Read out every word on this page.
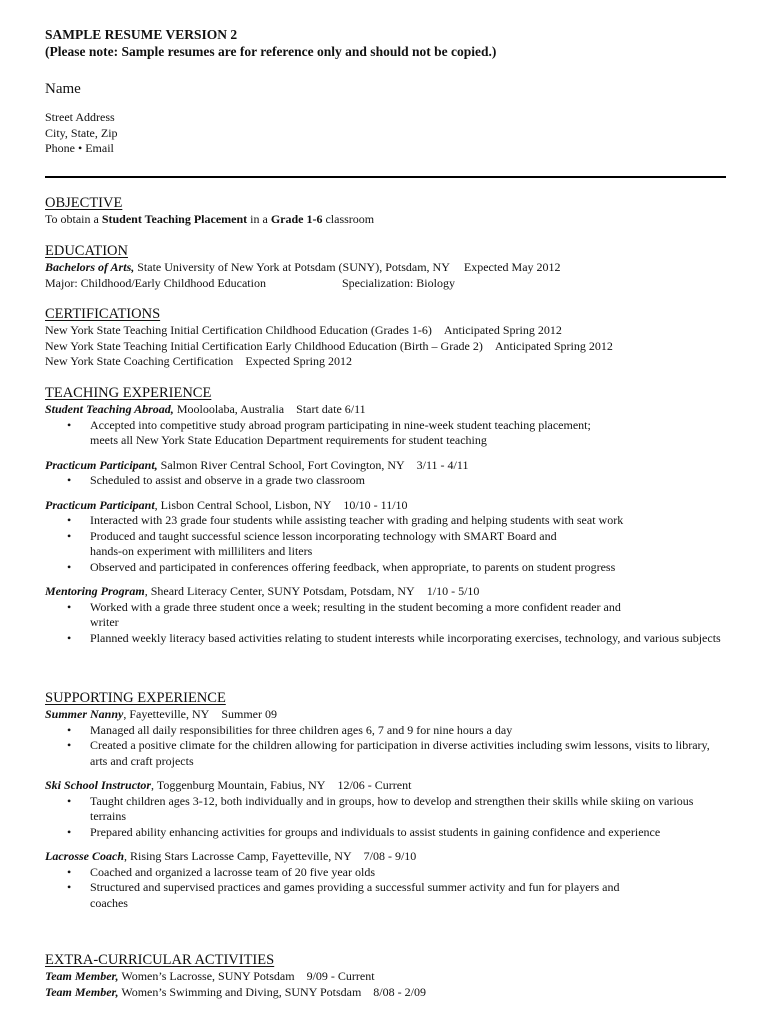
SAMPLE RESUME VERSION 2
(Please note: Sample resumes are for reference only and should not be copied.)
Name
Street Address
City, State, Zip
Phone • Email
OBJECTIVE
To obtain a Student Teaching Placement in a Grade 1-6 classroom
EDUCATION
Bachelors of Arts, State University of New York at Potsdam (SUNY), Potsdam, NY Expected May 2012
Major: Childhood/Early Childhood Education	Specialization: Biology
CERTIFICATIONS
New York State Teaching Initial Certification Childhood Education (Grades 1-6) Anticipated Spring 2012
New York State Teaching Initial Certification Early Childhood Education (Birth – Grade 2) Anticipated Spring 2012
New York State Coaching Certification Expected Spring 2012
TEACHING EXPERIENCE
Student Teaching Abroad, Mooloolaba, Australia Start date 6/11
• Accepted into competitive study abroad program participating in nine-week student teaching placement; meets all New York State Education Department requirements for student teaching
Practicum Participant, Salmon River Central School, Fort Covington, NY 3/11 - 4/11
• Scheduled to assist and observe in a grade two classroom
Practicum Participant, Lisbon Central School, Lisbon, NY 10/10 - 11/10
• Interacted with 23 grade four students while assisting teacher with grading and helping students with seat work
• Produced and taught successful science lesson incorporating technology with SMART Board and hands-on experiment with milliliters and liters
• Observed and participated in conferences offering feedback, when appropriate, to parents on student progress
Mentoring Program, Sheard Literacy Center, SUNY Potsdam, Potsdam, NY 1/10 - 5/10
• Worked with a grade three student once a week; resulting in the student becoming a more confident reader and writer
• Planned weekly literacy based activities relating to student interests while incorporating exercises, technology, and various subjects
SUPPORTING EXPERIENCE
Summer Nanny, Fayetteville, NY Summer 09
• Managed all daily responsibilities for three children ages 6, 7 and 9 for nine hours a day
• Created a positive climate for the children allowing for participation in diverse activities including swim lessons, visits to library, arts and craft projects
Ski School Instructor, Toggenburg Mountain, Fabius, NY 12/06 - Current
• Taught children ages 3-12, both individually and in groups, how to develop and strengthen their skills while skiing on various terrains
• Prepared ability enhancing activities for groups and individuals to assist students in gaining confidence and experience
Lacrosse Coach, Rising Stars Lacrosse Camp, Fayetteville, NY 7/08 - 9/10
• Coached and organized a lacrosse team of 20 five year olds
• Structured and supervised practices and games providing a successful summer activity and fun for players and coaches
EXTRA-CURRICULAR ACTIVITIES
Team Member, Women’s Lacrosse, SUNY Potsdam 9/09 - Current
Team Member, Women’s Swimming and Diving, SUNY Potsdam 8/08 - 2/09
